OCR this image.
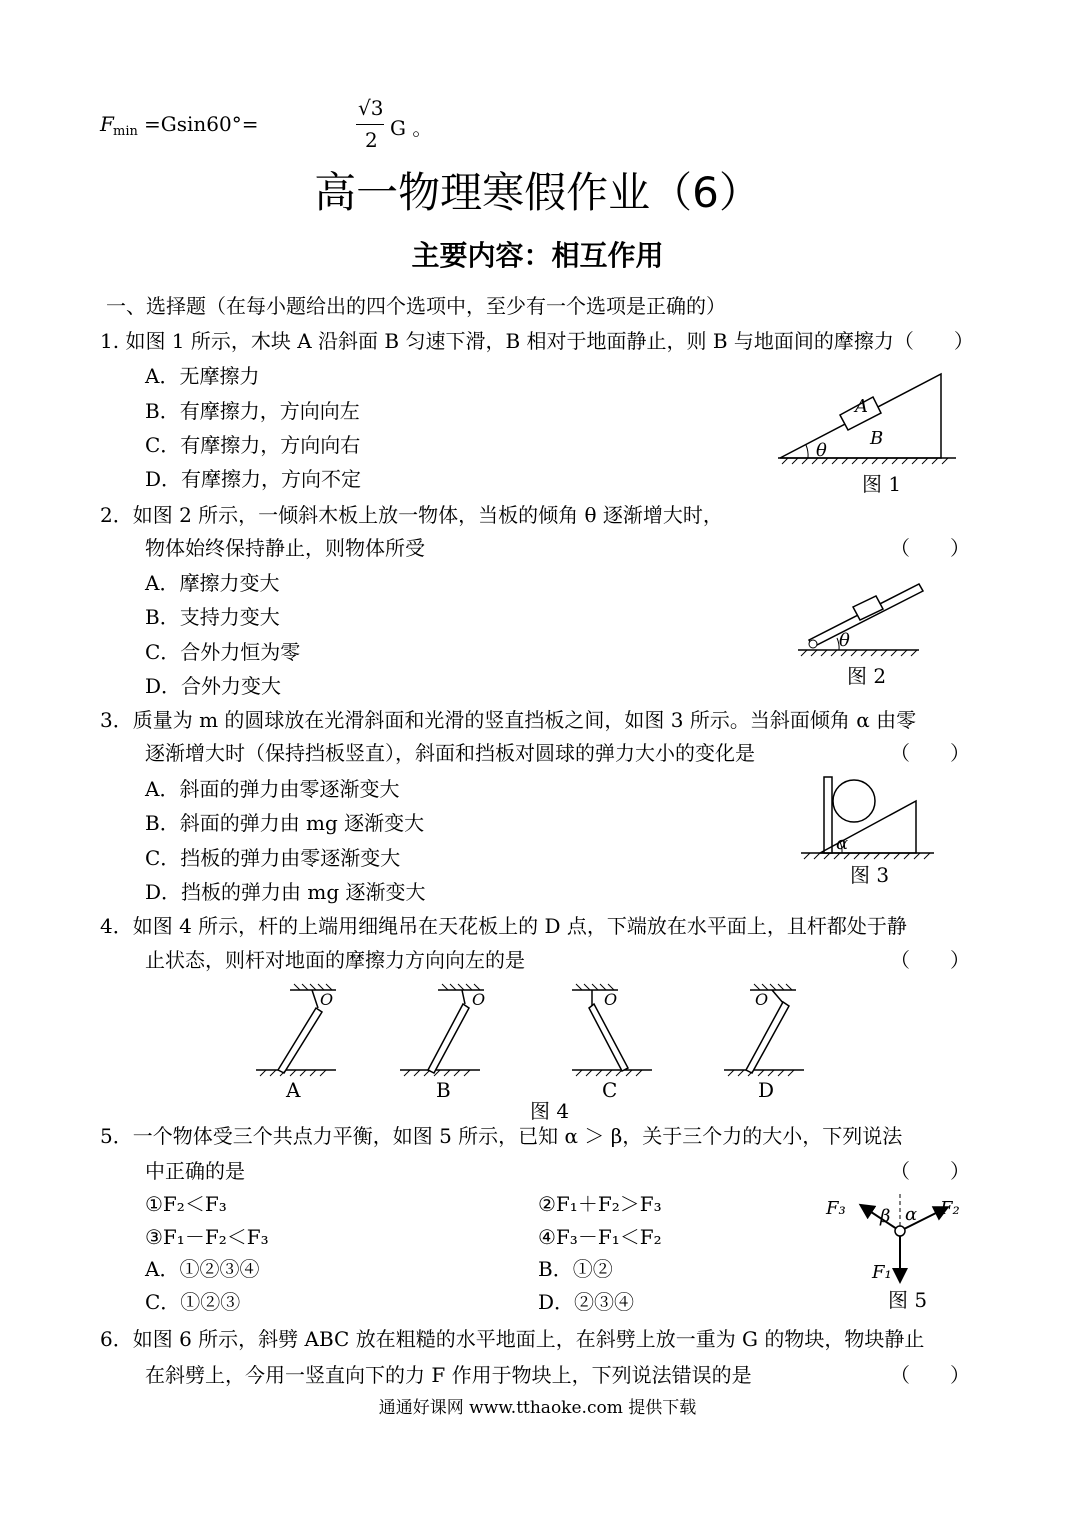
F min =Gsin60°=
√3
2 G 。
高一物理寒假作业（6）
主要内容：相互作用
一、选择题（在每小题给出的四个选项中，至少有一个选项是正确的）
1. 如图 1 所示，木块 A 沿斜面 B 匀速下滑，B 相对于地面静止，则 B 与地面间的摩擦力（　　）
A．无摩擦力
B．有摩擦力，方向向左
C．有摩擦力，方向向右
D．有摩擦力，方向不定
A
B
θ
图 1
2．如图 2 所示，一倾斜木板上放一物体，当板的倾角 θ 逐渐增大时，
物体始终保持静止，则物体所受	（　　）
A．摩擦力变大
B．支持力变大
C．合外力恒为零
D．合外力变大
θ
图 2
3．质量为 m 的圆球放在光滑斜面和光滑的竖直挡板之间，如图 3 所示。当斜面倾角 α 由零
逐渐增大时（保持挡板竖直），斜面和挡板对圆球的弹力大小的变化是	（　　）
A．斜面的弹力由零逐渐变大
B．斜面的弹力由 mg 逐渐变大
C．挡板的弹力由零逐渐变大
D．挡板的弹力由 mg 逐渐变大
α
图 3
4．如图 4 所示，杆的上端用细绳吊在天花板上的 D 点，下端放在水平面上，且杆都处于静
止状态，则杆对地面的摩擦力方向向左的是	（　　）
O	O	O	O
A	B	C	D
图 4
5．一个物体受三个共点力平衡，如图 5 所示，已知 α ＞ β，关于三个力的大小，下列说法
中正确的是	（　　）
①F₂＜F₃	②F₁＋F₂＞F₃
③F₁－F₂＜F₃	④F₃－F₁＜F₂
A．①②③④	B．①②
C．①②③	D．②③④
F₃ β α F₂
F₁
图 5
6．如图 6 所示，斜劈 ABC 放在粗糙的水平地面上，在斜劈上放一重为 G 的物块，物块静止
在斜劈上，今用一竖直向下的力 F 作用于物块上，下列说法错误的是	（　　）
通通好课网 www.tthaoke.com 提供下载
